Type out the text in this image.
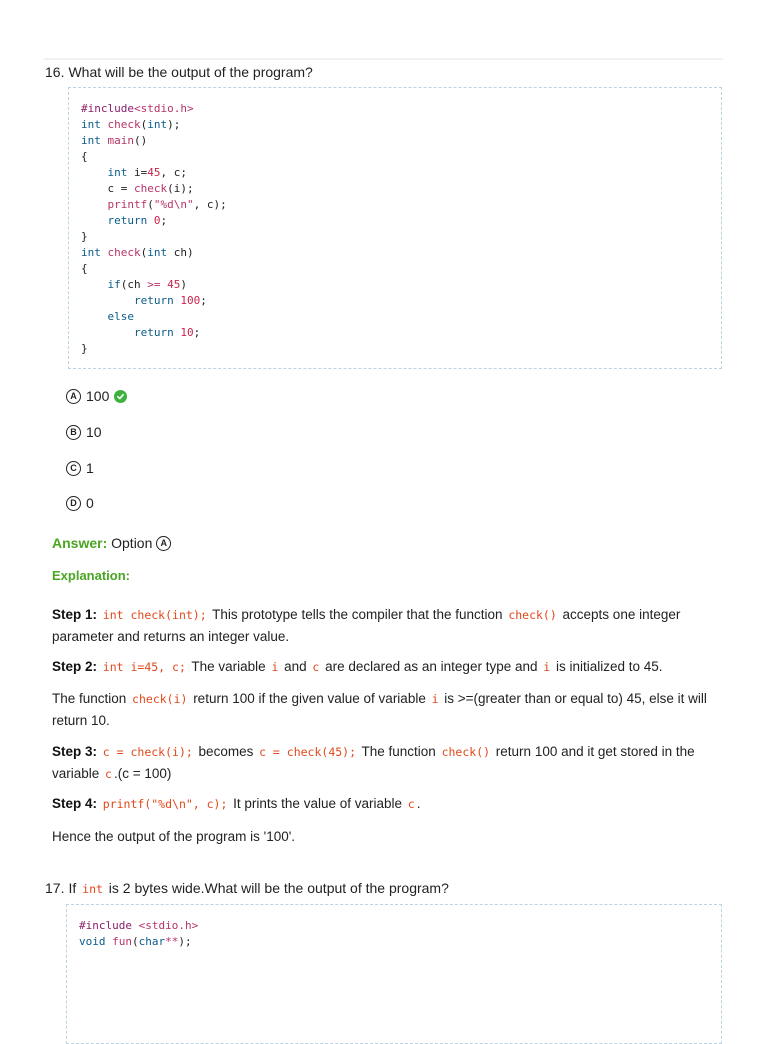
16. What will be the output of the program?
#include<stdio.h>
int check(int);
int main()
{
int i=45, c;
c = check(i);
printf("%d\n", c);
return 0;
}
int check(int ch)
{
if(ch >= 45)
return 100;
else
return 10;
}
A 100
B 10
C 1
D 0
Answer:
Option
A
Explanation:
Step 1: int check(int); This prototype tells the compiler that the function check() accepts one integer parameter and returns an integer value.
Step 2: int i=45, c; The variable i and c are declared as an integer type and i is initialized to 45.
The function check(i) return 100 if the given value of variable i is >=(greater than or equal to) 45, else it will return 10.
Step 3: c = check(i); becomes c = check(45); The function check() return 100 and it get stored in the variable c .(c = 100)
Step 4: printf("%d\n", c); It prints the value of variable c .
Hence the output of the program is '100'.
17. If int is 2 bytes wide.What will be the output of the program?
#include <stdio.h>
void fun(char**);
